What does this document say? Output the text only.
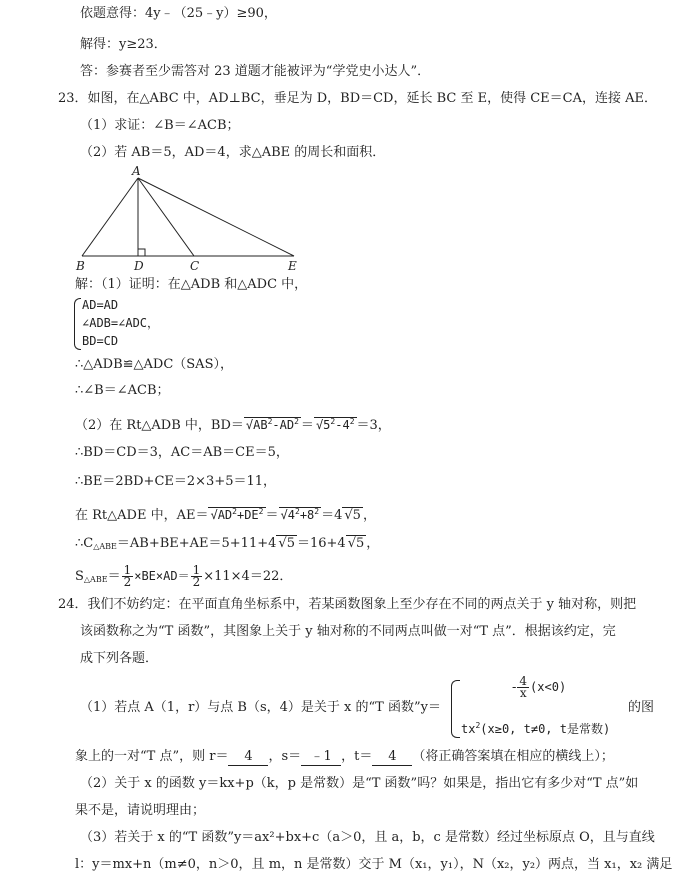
依题意得：4y﹣（25﹣y）≥90，
解得：y≥23．
答：参赛者至少需答对 23 道题才能被评为“学党史小达人”．
23．如图，在△ABC 中，AD⊥BC，垂足为 D，BD＝CD，延长 BC 至 E，使得 CE＝CA，连接 AE．
（1）求证：∠B＝∠ACB；
（2）若 AB＝5，AD＝4，求△ABE 的周长和面积．
A
B	D	C	E
解：（1）证明：在△ADB 和△ADC 中，
AD=AD
∠ADB=∠ADC，
BD=CD
∴△ADB≌△ADC（SAS），
∴∠B＝∠ACB；
（2）在 Rt△ADB 中，$BD= √AB^2-AD^2 = √5^2-4^2 =3$，
∴BD＝CD＝3，AC＝AB＝CE＝5，
∴BE＝2BD+CE＝2×3+5＝11，
在 Rt△ADE 中，$AE= √AD^2+DE^2 = √4^2+8^2 =4$ √5 ，
$\therefore C_{\triangle ABE}=AB+BE+AE=5+11+4$ √5 ＝16+4 √5 ，
$S_{\triangle ABE}= \frac{1}{2} \times BE\times AD= \frac{1}{2} \times 11\times 4=22$．
24．我们不妨约定：在平面直角坐标系中，若某函数图象上至少存在不同的两点关于 y 轴对称，则把
该函数称之为“T 函数”，其图象上关于 y 轴对称的不同两点叫做一对“T 点”．根据该约定，完
成下列各题．
（1）若点 A（1，r）与点 B（s，4）是关于 x 的“T 函数”y＝
- $\frac{4}{x} (x<0)$
$tx^2(x\ge 0$, t≠0, t是常数)
的图
象上的一对“T 点”，则 r＝ 4 ，s＝ ﹣1 ，t＝ 4 （将正确答案填在相应的横线上）；
（2）关于 x 的函数 y＝kx+p（k，p 是常数）是“T 函数”吗？如果是，指出它有多少对“T 点”如
果不是，请说明理由；
（3）若关于 x 的“T 函数”y＝ax²+bx+c（a＞0，且 a，b，c 是常数）经过坐标原点 O，且与直线
l：y＝mx+n（m≠0，n＞0，且 m，n 是常数）交于 M（x₁，y₁），N（x₂，y₂）两点，当 x₁，x₂ 满足
